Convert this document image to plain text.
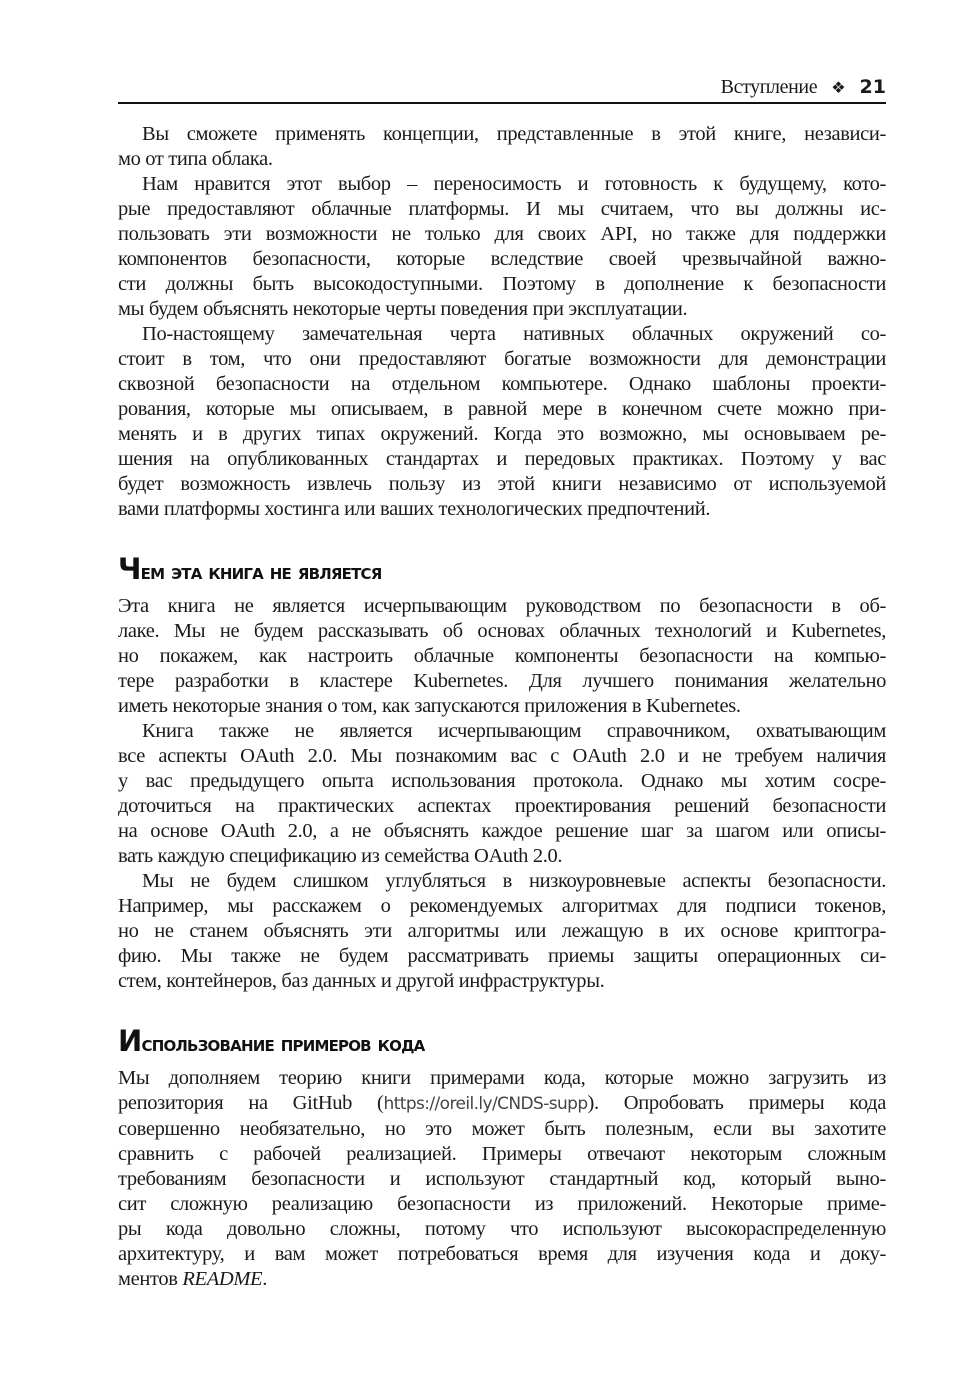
Вступление ❖ 21

Вы сможете применять концепции, представленные в этой книге, независи-
мо от типа облака.

Нам нравится этот выбор – переносимость и готовность к будущему, кото-
рые предоставляют облачные платформы. И мы считаем, что вы должны ис-
пользовать эти возможности не только для своих API, но также для поддержки
компонентов безопасности, которые вследствие своей чрезвычайной важно-
сти должны быть высокодоступными. Поэтому в дополнение к безопасности
мы будем объяснять некоторые черты поведения при эксплуатации.

По-настоящему замечательная черта нативных облачных окружений со-
стоит в том, что они предоставляют богатые возможности для демонстрации
сквозной безопасности на отдельном компьютере. Однако шаблоны проекти-
рования, которые мы описываем, в равной мере в конечном счете можно при-
менять и в других типах окружений. Когда это возможно, мы основываем ре-
шения на опубликованных стандартах и передовых практиках. Поэтому у вас
будет возможность извлечь пользу из этой книги независимо от используемой
вами платформы хостинга или ваших технологических предпочтений.

Чем эта книга не является

Эта книга не является исчерпывающим руководством по безопасности в об-
лаке. Мы не будем рассказывать об основах облачных технологий и Kubernetes,
но покажем, как настроить облачные компоненты безопасности на компью-
тере разработки в кластере Kubernetes. Для лучшего понимания желательно
иметь некоторые знания о том, как запускаются приложения в Kubernetes.

Книга также не является исчерпывающим справочником, охватывающим
все аспекты OAuth 2.0. Мы познакомим вас с OAuth 2.0 и не требуем наличия
у вас предыдущего опыта использования протокола. Однако мы хотим сосре-
доточиться на практических аспектах проектирования решений безопасности
на основе OAuth 2.0, а не объяснять каждое решение шаг за шагом или описы-
вать каждую спецификацию из семейства OAuth 2.0.

Мы не будем слишком углубляться в низкоуровневые аспекты безопасности.
Например, мы расскажем о рекомендуемых алгоритмах для подписи токенов,
но не станем объяснять эти алгоритмы или лежащую в их основе криптогра-
фию. Мы также не будем рассматривать приемы защиты операционных си-
стем, контейнеров, баз данных и другой инфраструктуры.

Использование примеров кода

Мы дополняем теорию книги примерами кода, которые можно загрузить из
репозитория на GitHub (https://oreil.ly/CNDS-supp). Опробовать примеры кода
совершенно необязательно, но это может быть полезным, если вы захотите
сравнить с рабочей реализацией. Примеры отвечают некоторым сложным
требованиям безопасности и используют стандартный код, который выно-
сит сложную реализацию безопасности из приложений. Некоторые приме-
ры кода довольно сложны, потому что используют высокораспределенную
архитектуру, и вам может потребоваться время для изучения кода и доку-
ментов README.
